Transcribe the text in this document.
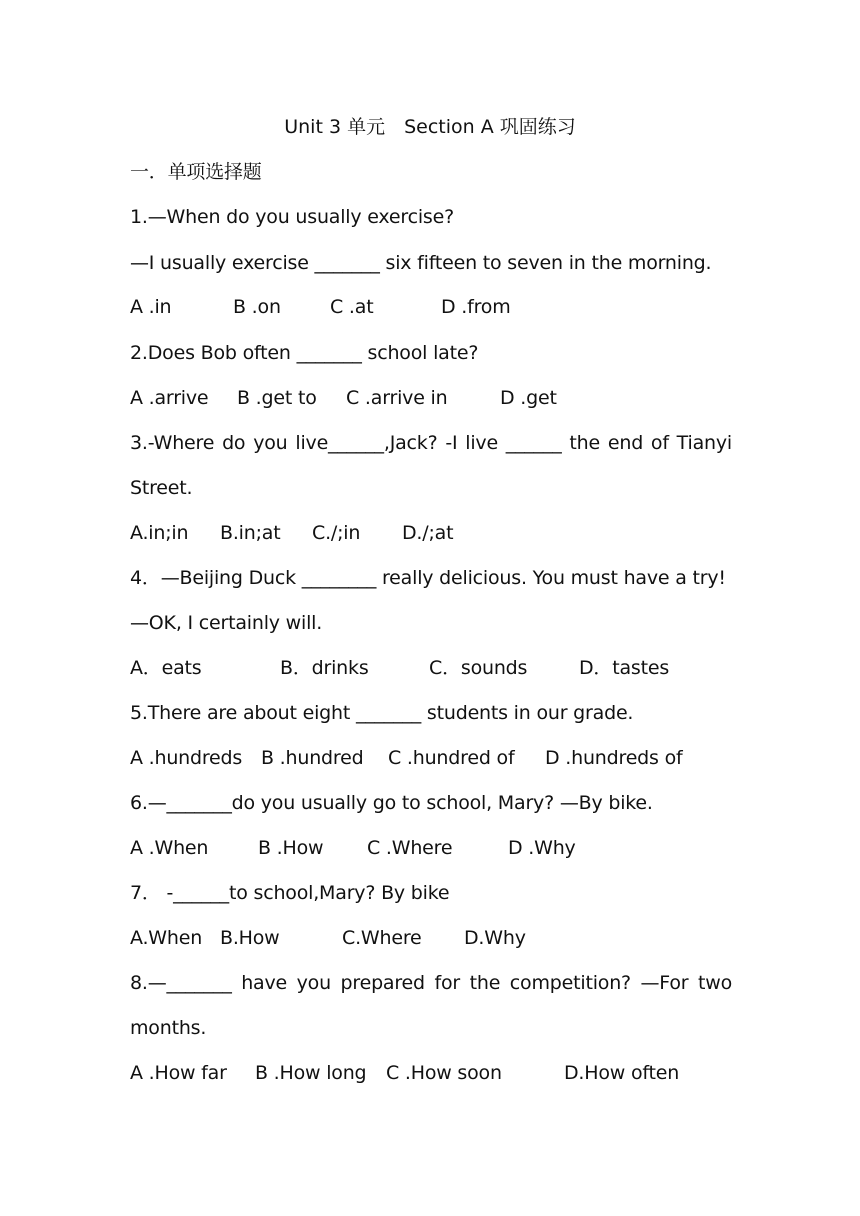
Unit 3 单元　Section A 巩固练习
一．单项选择题
1.—When do you usually exercise?
—I usually exercise _______ six fifteen to seven in the morning.
A .in	B .on	C .at	D .from
2.Does Bob often _______ school late?
A .arrive B .get to C .arrive in	D .get
3.-Where do you live______,Jack? -I live ______ the end of Tianyi
Street.
A.in;in B.in;at C./;in D./;at
4．—Beijing Duck ________ really delicious. You must have a try!
—OK, I certainly will.
A．eats	B．drinks	C．sounds	D．tastes
5.There are about eight _______ students in our grade.
A .hundreds B .hundred C .hundred of D .hundreds of
6.—_______do you usually go to school, Mary? —By bike.
A .When	B .How C .Where	D .Why
7． -______to school,Mary? By bike
A.When B.How	C.Where D.Why
8.—_______ have you prepared for the competition? —For two
months.
A .How far B .How long C .How soon	D.How often
